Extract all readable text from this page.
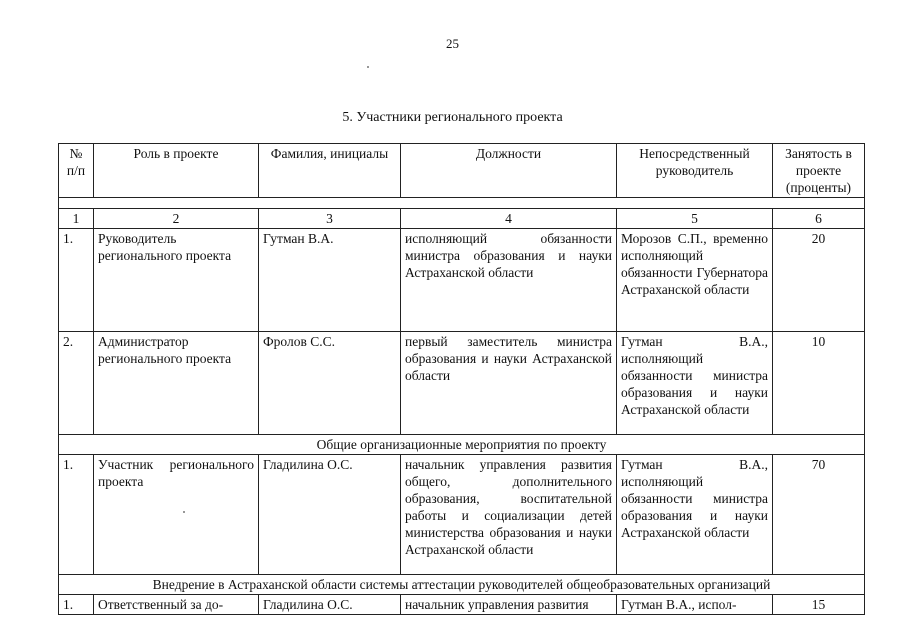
25
5. Участники регионального проекта
№ п/п	Роль в проекте	Фамилия, инициалы	Должности	Непосредственный руководитель	Занятость в проекте (проценты)

1	2	3	4	5	6
1.	Руководитель регионального проекта	Гутман В.А.	исполняющий обязанности министра образования и науки Астраханской области	Морозов С.П., временно исполняющий обязанности Губернатора Астраханской области	20
2.	Администратор регионального проекта	Фролов С.С.	первый заместитель министра образования и науки Астраханской области	Гутман В.А., исполняющий обязанности министра образования и науки Астраханской области	10
Общие организационные мероприятия по проекту					
1.	Участник регионального проекта	Гладилина О.С.	начальник управления развития общего, дополнительного образования, воспитательной работы и социализации детей министерства образования и науки Астраханской области	Гутман В.А., исполняющий обязанности министра образования и науки Астраханской области	70
Внедрение в Астраханской области системы аттестации руководителей общеобразовательных организаций					
1.	Ответственный за до-	Гладилина О.С.	начальник управления развития	Гутман В.А., испол-	15
